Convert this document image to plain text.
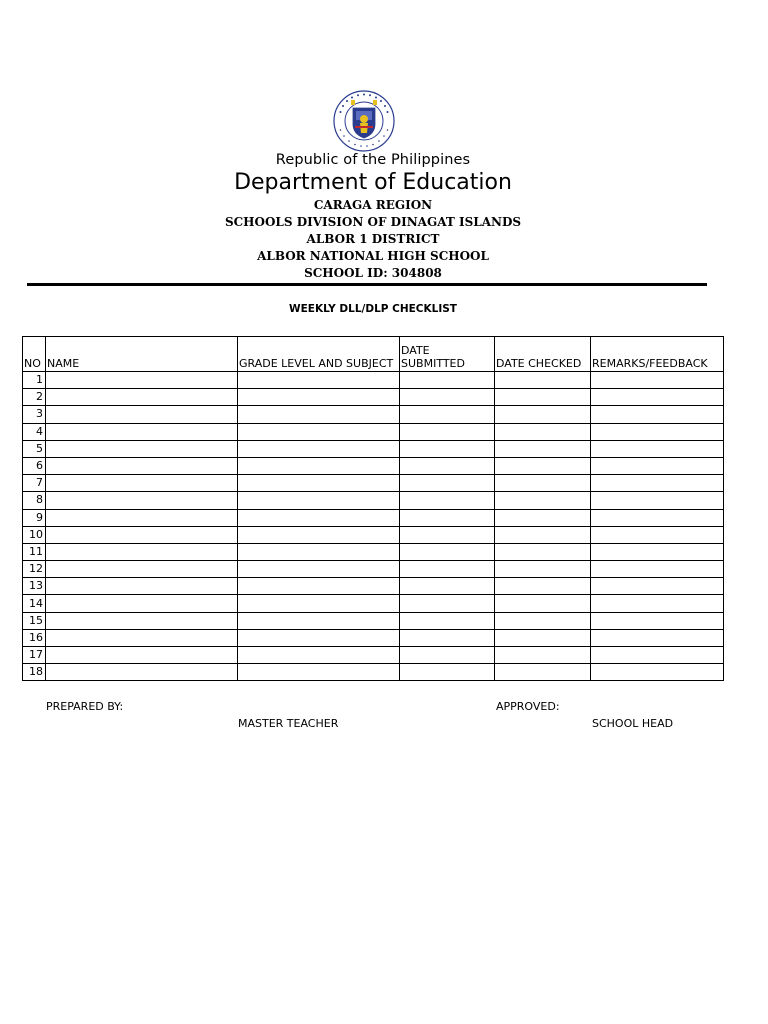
Republic of the Philippines
Department of Education
CARAGA REGION
SCHOOLS DIVISION OF DINAGAT ISLANDS
ALBOR 1 DISTRICT
ALBOR NATIONAL HIGH SCHOOL
SCHOOL ID: 304808
WEEKLY DLL/DLP CHECKLIST
NO	NAME	GRADE LEVEL AND SUBJECT	DATE SUBMITTED	DATE CHECKED	REMARKS/FEEDBACK
1					
2					
3					
4					
5					
6					
7					
8					
9					
10					
11					
12					
13					
14					
15					
16					
17					
18					
PREPARED BY:
MASTER TEACHER
APPROVED:
SCHOOL HEAD
